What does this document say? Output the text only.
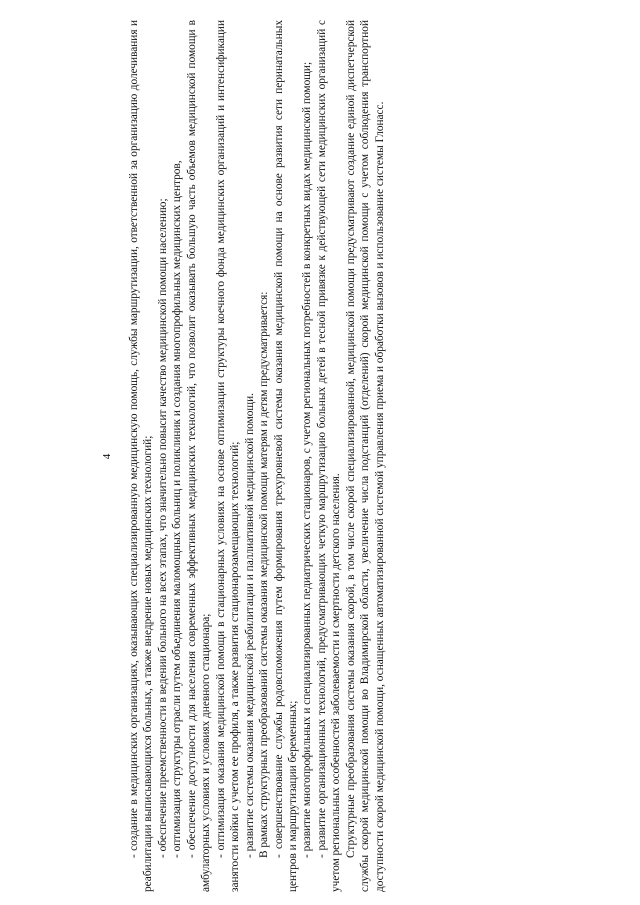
4 - создание в медицинских организациях, оказывающих специализированную медицинскую помощь, службы маршрутизации, ответственной за организацию долечивания и реабилитации выписывающихся больных, а также внедрение новых медицинских технологий; - обеспечение преемственности в ведении больного на всех этапах, что значительно повысит качество медицинской помощи населению; - оптимизация структуры отрасли путем объединения маломощных больниц и поликлиник и создания многопрофильных медицинских центров, - обеспечение доступности для населения современных эффективных медицинских технологий, что позволит оказывать большую часть объемов медицинской помощи в амбулаторных условиях и условиях дневного стационара; - оптимизация оказания медицинской помощи в стационарных условиях на основе оптимизации структуры коечного фонда медицинских организаций и интенсификации занятости койки с учетом ее профиля, а также развития стационарозамещающих технологий; - развитие системы оказания медицинской реабилитации и паллиативной медицинской помощи. В рамках структурных преобразований системы оказания медицинской помощи матерям и детям предусматривается: - совершенствование службы родовспоможения путем формирования трехуровневой системы оказания медицинской помощи на основе развития сети перинатальных центров и маршрутизации беременных; - развитие многопрофильных и специализированных педиатрических стационаров, с учетом региональных потребностей в конкретных видах медицинской помощи; - развитие организационных технологий, предусматривающих четкую маршрутизацию больных детей в тесной привязке к действующей сети медицинских организаций с учетом региональных особенностей заболеваемости и смертности детского населения. Структурные преобразования системы оказания скорой, в том числе скорой специализированной, медицинской помощи предусматривают создание единой диспетчерской службы скорой медицинской помощи во Владимирской области, увеличение числа подстанций (отделений) скорой медицинской помощи с учетом соблюдения транспортной доступности скорой медицинской помощи, оснащенных автоматизированной системой управления приема и обработки вызовов и использование системы Глонасс.
